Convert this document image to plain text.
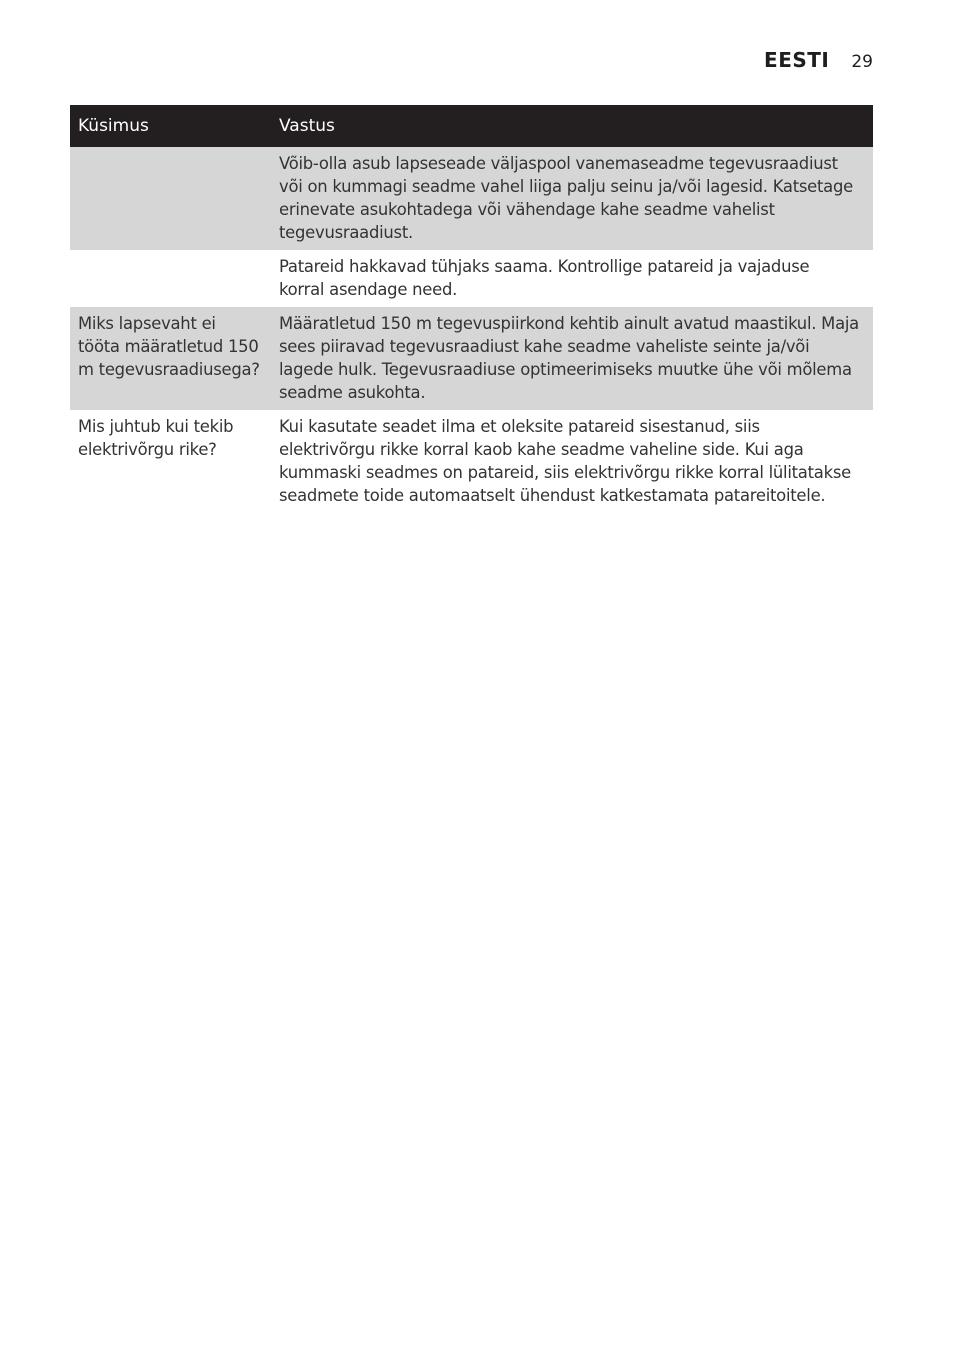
EESTI 29
Küsimus	Vastus
Võib-olla asub lapseseade väljaspool vanemaseadme tegevusraadiust või on kummagi seadme vahel liiga palju seinu ja/või lagesid. Katsetage erinevate asukohtadega või vähendage kahe seadme vahelist tegevusraadiust.
Patareid hakkavad tühjaks saama. Kontrollige patareid ja vajaduse korral asendage need.
Miks lapsevaht ei tööta määratletud 150 m tegevusraadiusega?
Määratletud 150 m tegevuspiirkond kehtib ainult avatud maastikul. Maja sees piiravad tegevusraadiust kahe seadme vaheliste seinte ja/või lagede hulk. Tegevusraadiuse optimeerimiseks muutke ühe või mõlema seadme asukohta.
Mis juhtub kui tekib elektrivõrgu rike?
Kui kasutate seadet ilma et oleksite patareid sisestanud, siis elektrivõrgu rikke korral kaob kahe seadme vaheline side. Kui aga kummaski seadmes on patareid, siis elektrivõrgu rikke korral lülitatakse seadmete toide automaatselt ühendust katkestamata patareitoitele.
